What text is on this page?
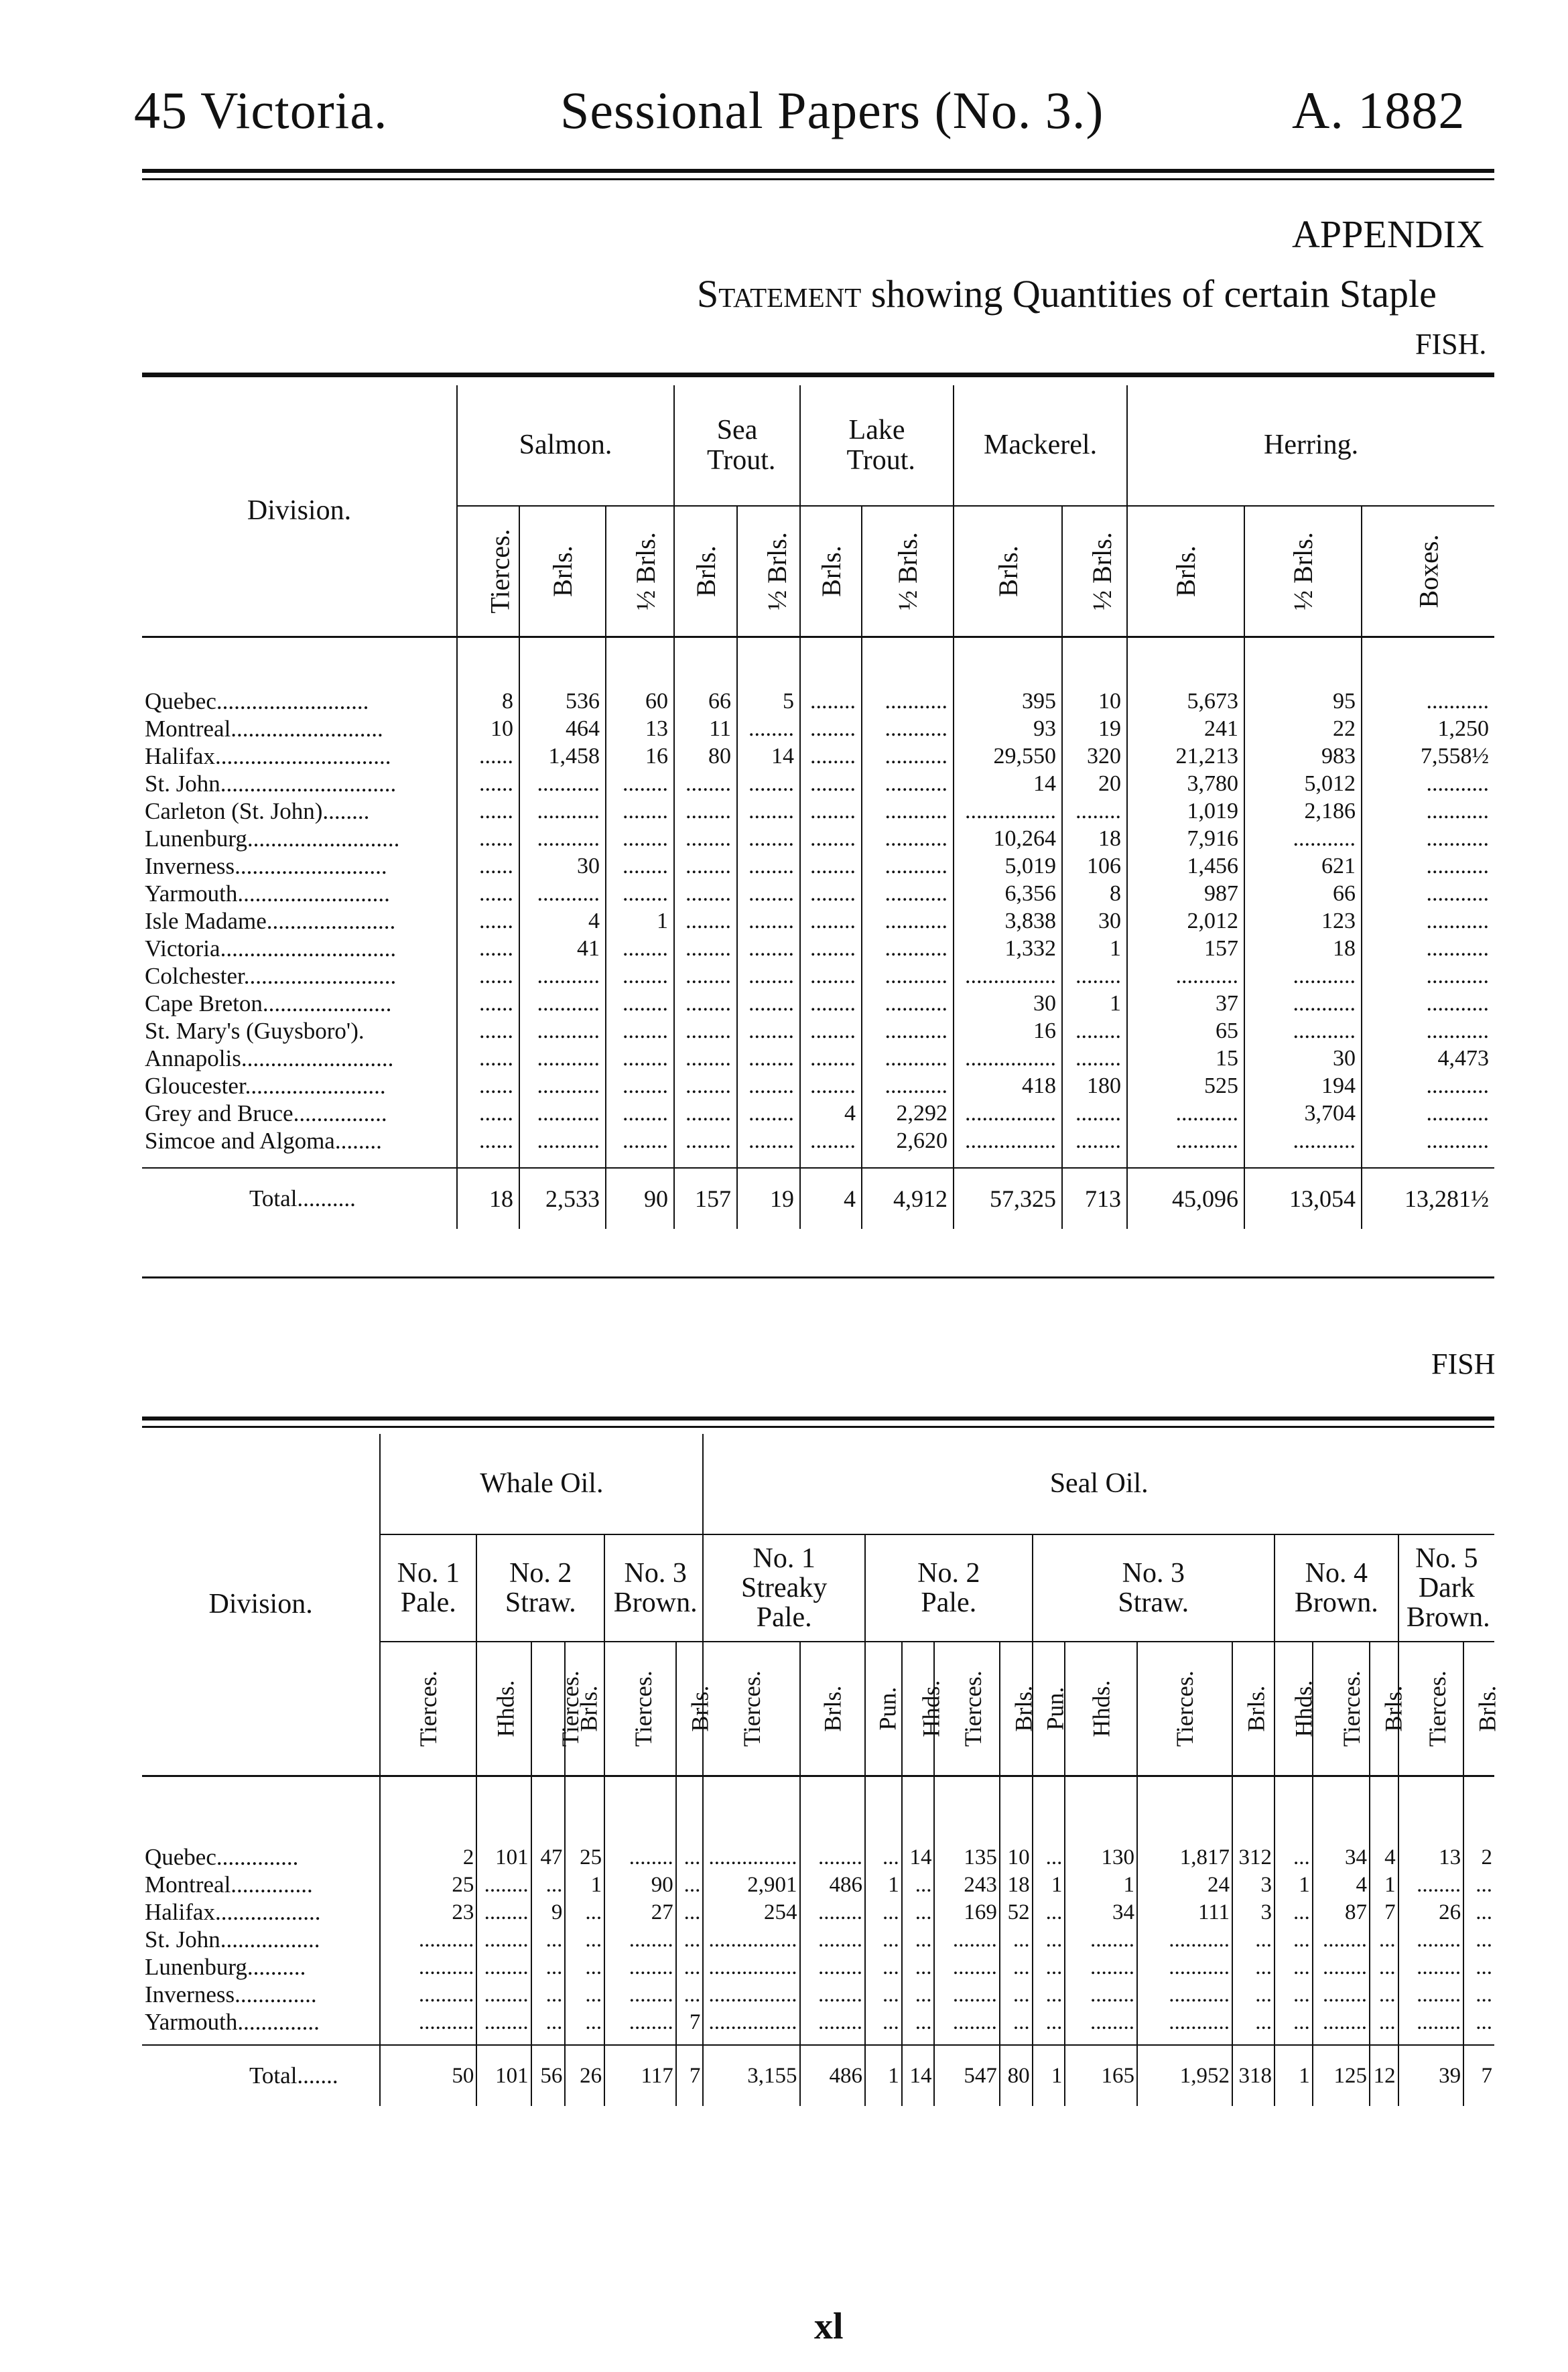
45 Victoria.	Sessional Papers (No. 3.)	A. 1882
APPENDIX
Statement showing Quantities of certain Staple
FISH.
Division.	Salmon.			Sea Trout.		Lake Trout.		Mackerel.		Herring.		
	Tierces.	Brls.	½ Brls.	Brls.	½ Brls.	Brls.	½ Brls.	Brls.	½ Brls.	Brls.	½ Brls.	Boxes.

Quebec..........................	8	536	60	66	5	........	...........	395	10	5,673	95	...........
Montreal..........................	10	464	13	11	........	........	...........	93	19	241	22	1,250
Halifax..............................	......	1,458	16	80	14	........	...........	29,550	320	21,213	983	7,558½
St. John..............................	......	...........	........	........	........	........	...........	14	20	3,780	5,012	...........
Carleton (St. John)........	......	...........	........	........	........	........	...........	................	........	1,019	2,186	...........
Lunenburg..........................	......	...........	........	........	........	........	...........	10,264	18	7,916	...........	...........
Inverness..........................	......	30	........	........	........	........	...........	5,019	106	1,456	621	...........
Yarmouth..........................	......	...........	........	........	........	........	...........	6,356	8	987	66	...........
Isle Madame......................	......	4	1	........	........	........	...........	3,838	30	2,012	123	...........
Victoria..............................	......	41	........	........	........	........	...........	1,332	1	157	18	...........
Colchester..........................	......	...........	........	........	........	........	...........	................	........	...........	...........	...........
Cape Breton......................	......	...........	........	........	........	........	...........	30	1	37	...........	...........
St. Mary's (Guysboro').	......	...........	........	........	........	........	...........	16	........	65	...........	...........
Annapolis..........................	......	...........	........	........	........	........	...........	................	........	15	30	4,473
Gloucester........................	......	...........	........	........	........	........	...........	418	180	525	194	...........
Grey and Bruce................	......	...........	........	........	........	4	2,292	................	........	...........	3,704	...........
Simcoe and Algoma........	......	...........	........	........	........	........	2,620	................	........	...........	...........	...........

Total..........	18	2,533	90	157	19	4	4,912	57,325	713	45,096	13,054	13,281½
FISH
Division.	Whale Oil.						Seal Oil.														
	No. 1 Pale.	No. 2 Straw.			No. 3 Brown.		No. 1 Streaky Pale.		No. 2 Pale.				No. 3 Straw.				No. 4 Brown.			No. 5 Dark Brown.	
	Tierces.	Hhds.	Tierces.	Brls.	Tierces.	Brls.	Tierces.	Brls.	Pun.	Hhds.	Tierces.	Brls.	Pun.	Hhds.	Tierces.	Brls.	Hhds.	Tierces.	Brls.	Tierces.	Brls.

Quebec..............	2	101	47	25	........	...	................	........	...	14	135	10	...	130	1,817	312	...	34	4	13	2
Montreal..............	25	........	...	1	90	...	2,901	486	1	...	243	18	1	1	24	3	1	4	1	........	...
Halifax..................	23	........	9	...	27	...	254	........	...	...	169	52	...	34	111	3	...	87	7	26	...
St. John.................	..........	........	...	...	........	...	................	........	...	...	........	...	...	........	...........	...	...	........	...	........	...
Lunenburg..........	..........	........	...	...	........	...	................	........	...	...	........	...	...	........	...........	...	...	........	...	........	...
Inverness..............	..........	........	...	...	........	...	................	........	...	...	........	...	...	........	...........	...	...	........	...	........	...
Yarmouth..............	..........	........	...	...	........	7	................	........	...	...	........	...	...	........	...........	...	...	........	...	........	...

Total.......	50	101	56	26	117	7	3,155	486	1	14	547	80	1	165	1,952	318	1	125	12	39	7
xl
